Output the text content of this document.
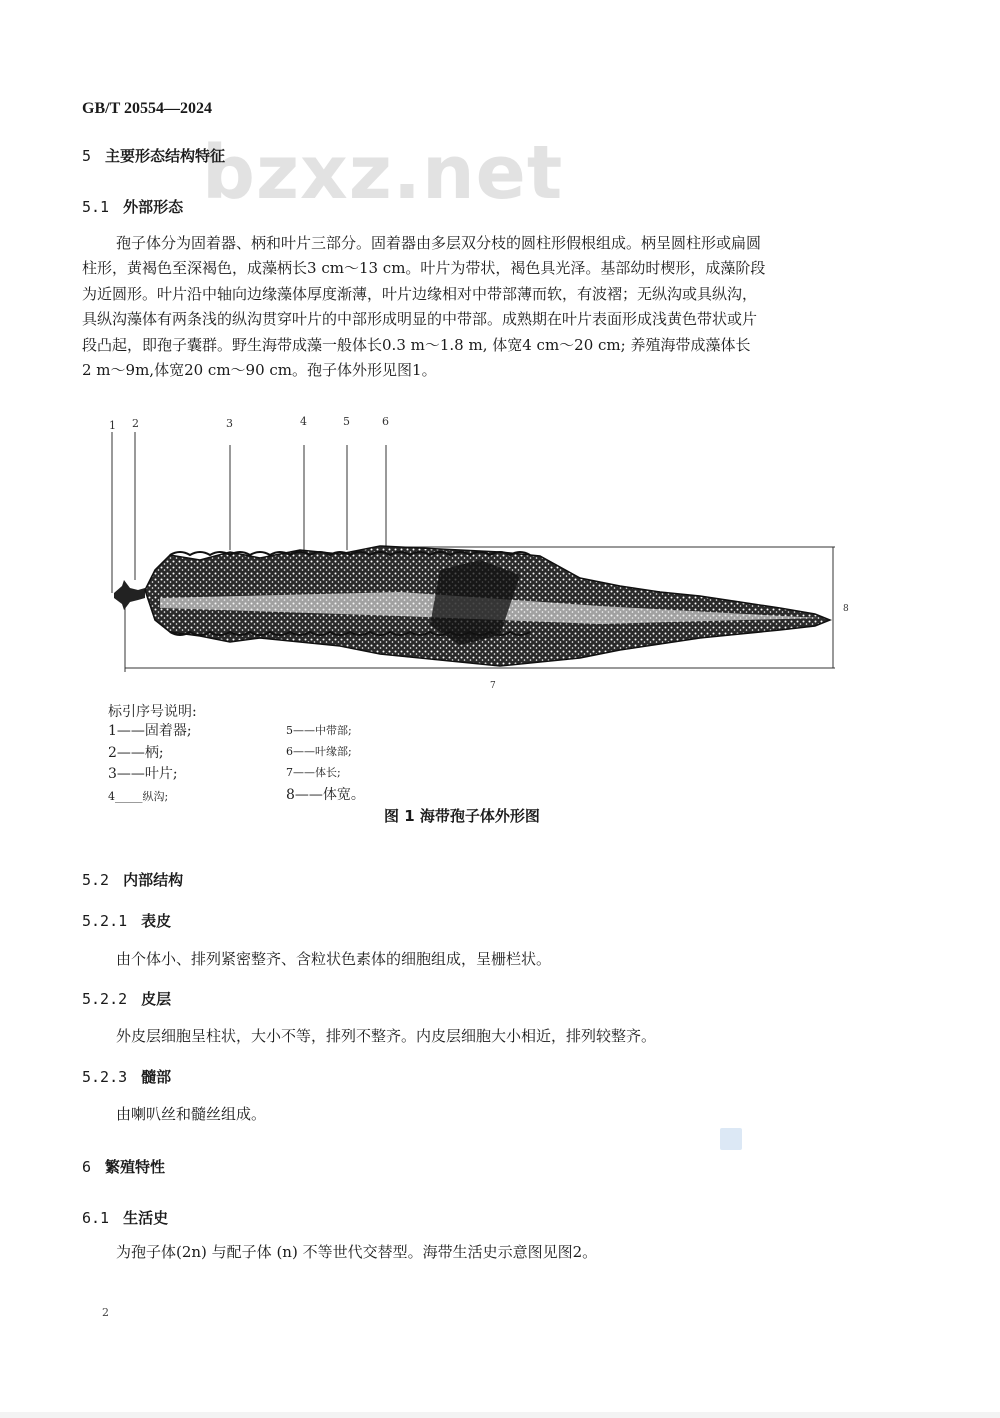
bzxz.net
GB/T 20554—2024
5 主要形态结构特征
5.1 外部形态
孢子体分为固着器、柄和叶片三部分。固着器由多层双分枝的圆柱形假根组成。柄呈圆柱形或扁圆
柱形，黄褐色至深褐色，成藻柄长3 cm～13 cm。叶片为带状，褐色具光泽。基部幼时楔形，成藻阶段
为近圆形。叶片沿中轴向边缘藻体厚度渐薄，叶片边缘相对中带部薄而软，有波褶；无纵沟或具纵沟，
具纵沟藻体有两条浅的纵沟贯穿叶片的中部形成明显的中带部。成熟期在叶片表面形成浅黄色带状或片
段凸起，即孢子囊群。野生海带成藻一般体长0.3 m～1.8 m, 体宽4 cm～20 cm; 养殖海带成藻体长
2 m～9m,体宽20 cm～90 cm。孢子体外形见图1。
1 2	3	4	5	6
7
8
标引序号说明:
1——固着器;
2——柄;
3——叶片;
4_____纵沟;
5——中带部;
6——叶缘部;
7——体长;
8——体宽。
图 1 海带孢子体外形图
5.2 内部结构
5.2.1 表皮
由个体小、排列紧密整齐、含粒状色素体的细胞组成，呈栅栏状。
5.2.2 皮层
外皮层细胞呈柱状，大小不等，排列不整齐。内皮层细胞大小相近，排列较整齐。
5.2.3 髓部
由喇叭丝和髓丝组成。
6 繁殖特性
6.1 生活史
为孢子体(2n) 与配子体 (n) 不等世代交替型。海带生活史示意图见图2。
2
